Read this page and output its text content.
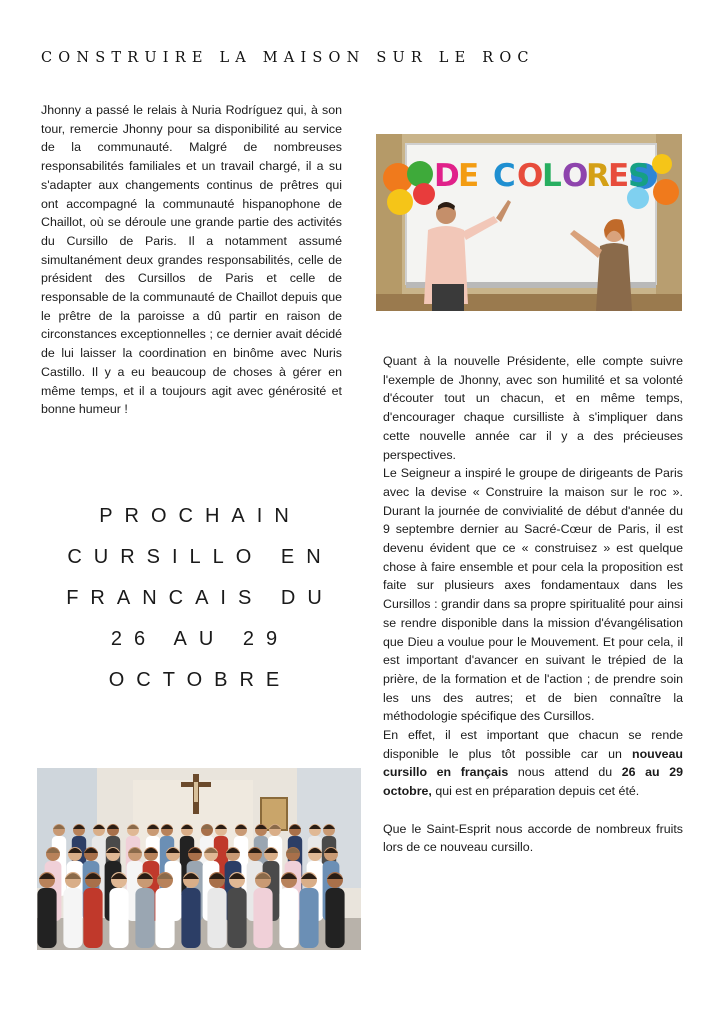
CONSTRUIRE LA MAISON SUR LE ROC

Jhonny a passé le relais à Nuria Rodríguez qui, à son tour, remercie Jhonny pour sa disponibilité au service de la communauté. Malgré de nombreuses responsabilités familiales et un travail chargé, il a su s'adapter aux changements continus de prêtres qui ont accompagné la communauté hispanophone de Chaillot, où se déroule une grande partie des activités du Cursillo de Paris. Il a notamment assumé simultanément deux grandes responsabilités, celle de président des Cursillos de Paris et celle de responsable de la communauté de Chaillot depuis que le prêtre de la paroisse a dû partir en raison de circonstances exceptionnelles ; ce dernier avait décidé de lui laisser la coordination en binôme avec Nuris Castillo. Il y a eu beaucoup de choses à gérer en même temps, et il a toujours agit avec générosité et bonne humeur !

PROCHAIN
CURSILLO EN
FRANCAIS DU
26 AU 29
OCTOBRE
D
E C O
L O
R
E
S

Quant à la nouvelle Présidente, elle compte suivre l'exemple de Jhonny, avec son humilité et sa volonté d'écouter tout un chacun, et en même temps, d'encourager chaque cursilliste à s'impliquer dans cette nouvelle année car il y a des précieuses perspectives.

Le Seigneur a inspiré le groupe de dirigeants de Paris avec la devise « Construire la maison sur le roc ». Durant la journée de convivialité de début d'année du 9 septembre dernier au Sacré-Cœur de Paris, il est devenu évident que ce « construisez » est quelque chose à faire ensemble et pour cela la proposition est faite sur plusieurs axes fondamentaux dans les Cursillos : grandir dans sa propre spiritualité pour ainsi se rendre disponible dans la mission d'évangélisation que Dieu a voulue pour le Mouvement. Et pour cela, il est important d'avancer en suivant le trépied de la prière, de la formation et de l'action ; de prendre soin les uns des autres; et de bien connaître la méthodologie spécifique des Cursillos.

En effet, il est important que chacun se rende disponible le plus tôt possible car un nouveau cursillo en français nous attend du 26 au 29 octobre, qui est en préparation depuis cet été.

Que le Saint-Esprit nous accorde de nombreux fruits lors de ce nouveau cursillo.
